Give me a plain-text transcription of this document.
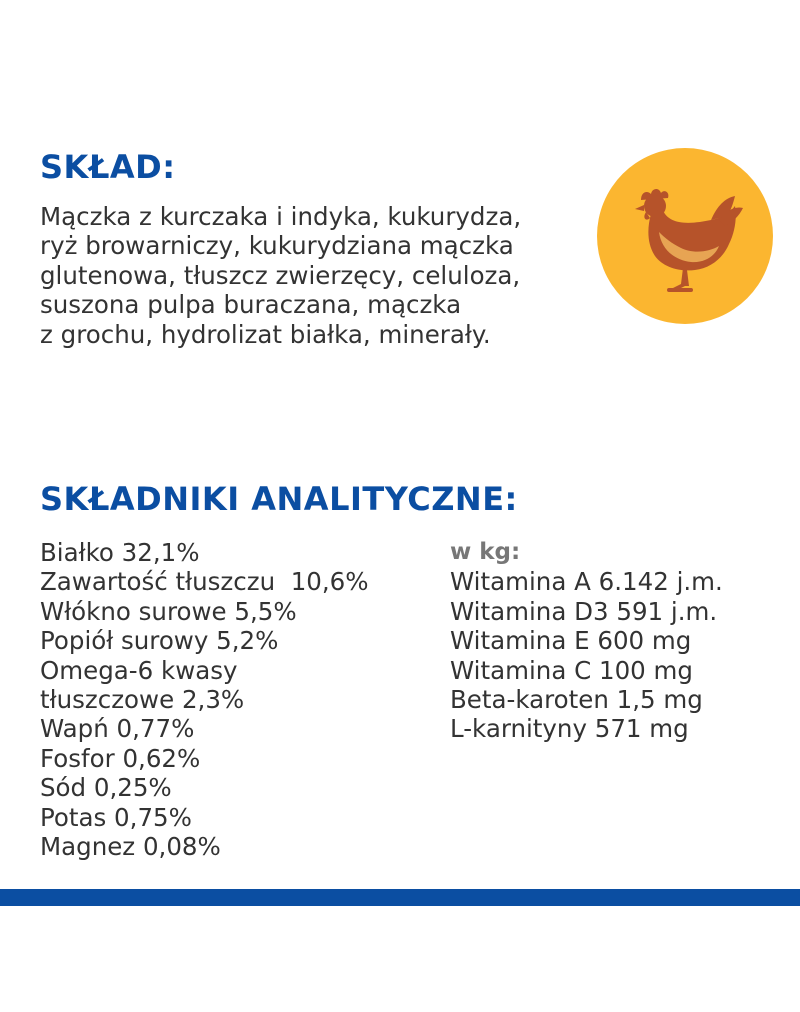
SKŁAD:

Mączka z kurczaka i indyka, kukurydza,
ryż browarniczy, kukurydziana mączka
glutenowa, tłuszcz zwierzęcy, celuloza,
suszona pulpa buraczana, mączka
z grochu, hydrolizat białka, minerały.

SKŁADNIKI ANALITYCZNE:
Białko 32,1%
Zawartość tłuszczu  10,6%
Włókno surowe 5,5%
Popiół surowy 5,2%
Omega-6 kwasy
tłuszczowe 2,3%
Wapń 0,77%
Fosfor 0,62%
Sód 0,25%
Potas 0,75%
Magnez 0,08%
w kg:
Witamina A 6.142 j.m.
Witamina D3 591 j.m.
Witamina E 600 mg
Witamina C 100 mg
Beta-karoten 1,5 mg
L-karnityny 571 mg
